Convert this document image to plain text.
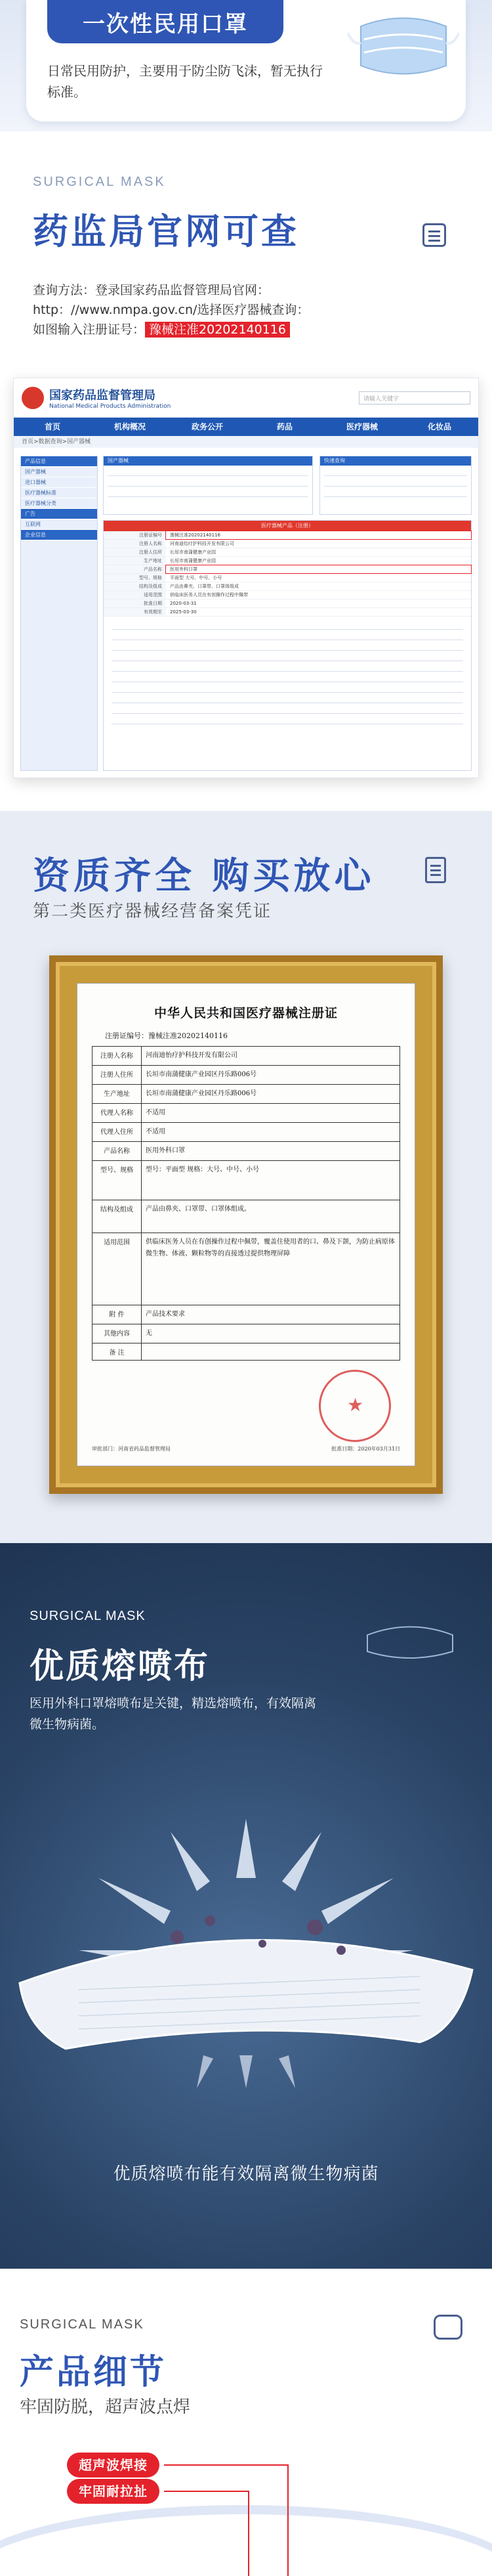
一次性民用口罩
日常民用防护，主要用于防尘防飞沫，暂无执行标准。
SURGICAL MASK
药监局官网可查
查询方法：登录国家药品监督管理局官网：
http：//www.nmpa.gov.cn/选择医疗器械查询：
如图输入注册证号： 豫械注准20202140116
国家药品监督管理局
National Medical Products Administration
请输入关键字
首页	机构概况	政务公开	药品	医疗器械	化妆品
首页>数据查询>国产器械
产品信息
国产器械
进口器械
医疗器械标准
医疗器械分类
广告
互联网
企业信息
国产器械	快速查询
医疗器械产品（注册）
注册证编号	豫械注准20202140116
注册人名称	河南迪怡疗护科技开发有限公司
注册人住所	长垣市南蒲健康产业园
生产地址	长垣市南蒲健康产业园
产品名称	医用外科口罩
型号、规格	平面型 大号、中号、小号
结构及组成	产品由鼻夹、口罩带、口罩体组成
适用范围	供临床医务人员在有创操作过程中佩带
批准日期	2020-03-31
有效期至	2025-03-30
资质齐全 购买放心
第二类医疗器械经营备案凭证
中华人民共和国医疗器械注册证
注册证编号：豫械注准20202140116
注册人名称	河南迪怡疗护科技开发有限公司
注册人住所	长垣市南蒲健康产业园区丹乐路006号
生产地址	长垣市南蒲健康产业园区丹乐路006号
代理人名称	不适用
代理人住所	不适用
产品名称	医用外科口罩
型号、规格	型号：平面型 规格：大号、中号、小号
结构及组成	产品由鼻夹、口罩带、口罩体组成。
适用范围	供临床医务人员在有创操作过程中佩带，覆盖住使用者的口、鼻及下颌，为防止病原体微生物、体液、颗粒物等的直接透过提供物理屏障
附 件	产品技术要求
其他内容	无
备 注
★
审批部门：河南省药品监督管理局	批准日期：2020年03月31日
SURGICAL MASK
优质熔喷布
医用外科口罩熔喷布是关键，精选熔喷布，有效隔离微生物病菌。
优质熔喷布能有效隔离微生物病菌
SURGICAL MASK
产品细节
牢固防脱，超声波点焊
超声波焊接
牢固耐拉扯
